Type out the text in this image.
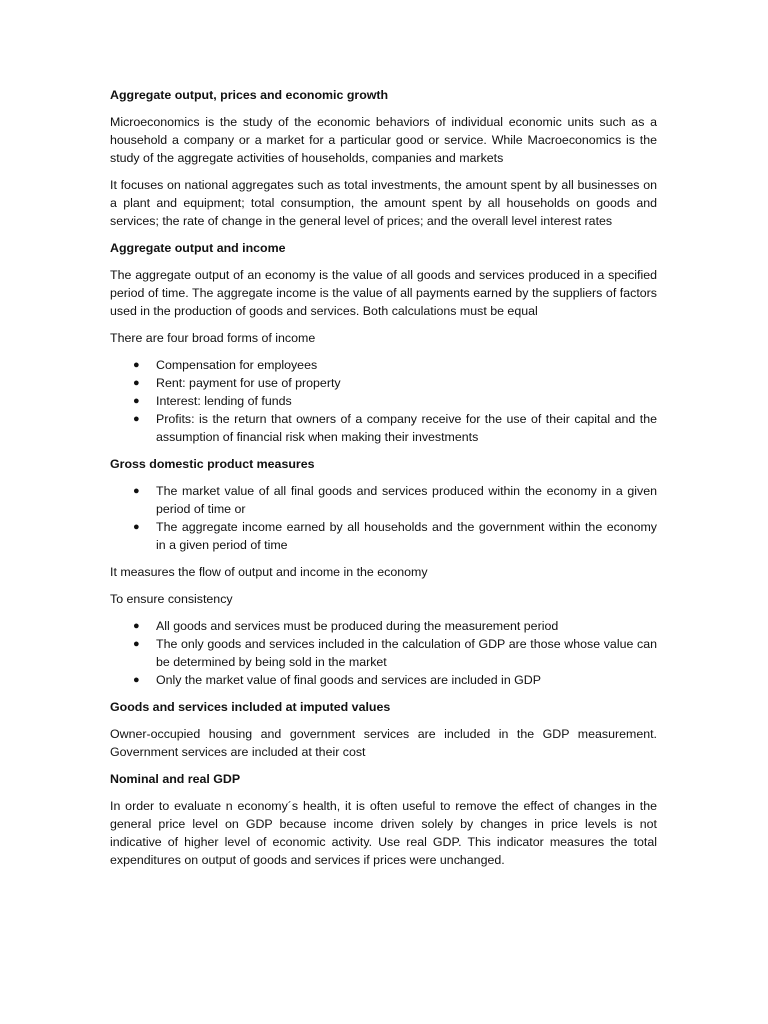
Aggregate output, prices and economic growth

Microeconomics is the study of the economic behaviors of individual economic units such as a household a company or a market for a particular good or service. While Macroeconomics is the study of the aggregate activities of households, companies and markets

It focuses on national aggregates such as total investments, the amount spent by all businesses on a plant and equipment; total consumption, the amount spent by all households on goods and services; the rate of change in the general level of prices; and the overall level interest rates

Aggregate output and income

The aggregate output of an economy is the value of all goods and services produced in a specified period of time. The aggregate income is the value of all payments earned by the suppliers of factors used in the production of goods and services. Both calculations must be equal

There are four broad forms of income

● Compensation for employees
● Rent: payment for use of property
● Interest: lending of funds
● Profits: is the return that owners of a company receive for the use of their capital and the assumption of financial risk when making their investments

Gross domestic product measures

● The market value of all final goods and services produced within the economy in a given period of time or
● The aggregate income earned by all households and the government within the economy in a given period of time

It measures the flow of output and income in the economy

To ensure consistency

● All goods and services must be produced during the measurement period
● The only goods and services included in the calculation of GDP are those whose value can be determined by being sold in the market
● Only the market value of final goods and services are included in GDP

Goods and services included at imputed values

Owner-occupied housing and government services are included in the GDP measurement. Government services are included at their cost

Nominal and real GDP

In order to evaluate n economy´s health, it is often useful to remove the effect of changes in the general price level on GDP because income driven solely by changes in price levels is not indicative of higher level of economic activity. Use real GDP. This indicator measures the total expenditures on output of goods and services if prices were unchanged.
